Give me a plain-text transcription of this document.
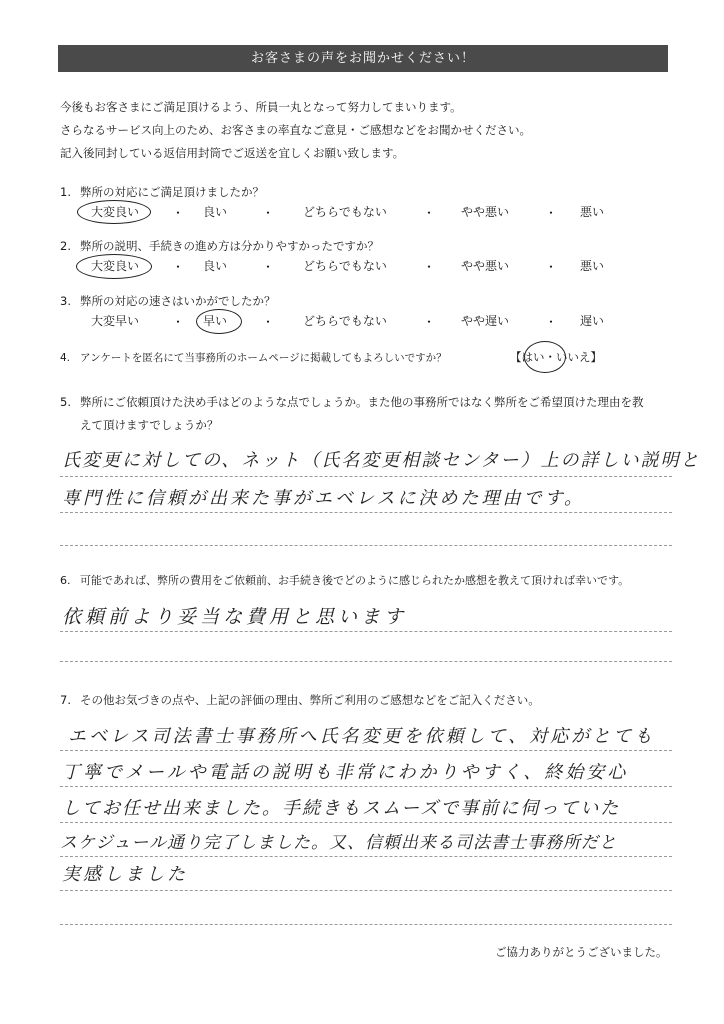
お客さまの声をお聞かせください！
今後もお客さまにご満足頂けるよう、所員一丸となって努力してまいります。
さらなるサービス向上のため、お客さまの率直なご意見・ご感想などをお聞かせください。
記入後同封している返信用封筒でご返送を宜しくお願い致します。
1. 弊所の対応にご満足頂けましたか？
大変良い	・	良い	・	どちらでもない	・	やや悪い	・	悪い
2. 弊所の説明、手続きの進め方は分かりやすかったですか？
大変良い	・	良い	・	どちらでもない	・	やや悪い	・	悪い
3. 弊所の対応の速さはいかがでしたか？
大変早い	・	早い	・	どちらでもない	・	やや遅い	・	遅い
4. アンケートを匿名にて当事務所のホームページに掲載してもよろしいですか？	【はい・いいえ】
5. 弊所にご依頼頂けた決め手はどのような点でしょうか。また他の事務所ではなく弊所をご希望頂けた理由を教
えて頂けますでしょうか？
氏変更に対しての、ネット（氏名変更相談センター）上の詳しい説明と
専門性に信頼が出来た事がエベレスに決めた理由です。
6. 可能であれば、弊所の費用をご依頼前、お手続き後でどのように感じられたか感想を教えて頂ければ幸いです。
依頼前より妥当な費用と思います
7. その他お気づきの点や、上記の評価の理由、弊所ご利用のご感想などをご記入ください。
エベレス司法書士事務所へ氏名変更を依頼して、対応がとても
丁寧でメールや電話の説明も非常にわかりやすく、終始安心
してお任せ出来ました。手続きもスムーズで事前に伺っていた
スケジュール通り完了しました。又、信頼出来る司法書士事務所だと
実感しました
ご協力ありがとうございました。
